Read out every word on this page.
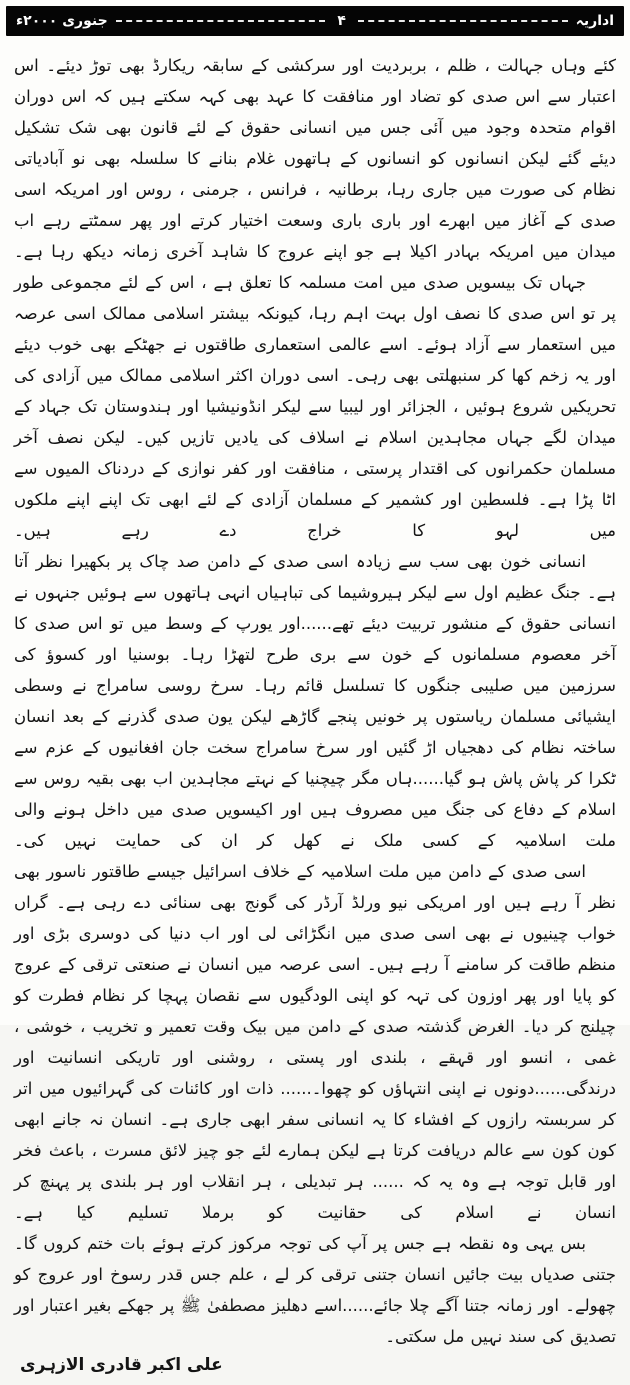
اداریہ
۴
جنوری ۲۰۰۰ء

کئے وہاں جہالت ، ظلم ، بربردیت اور سرکشی کے سابقہ ریکارڈ بھی توڑ دیئے۔ اس اعتبار سے اس صدی کو تضاد اور منافقت کا عہد بھی کہہ سکتے ہیں کہ اس دوران اقوام متحدہ وجود میں آئی جس میں انسانی حقوق کے لئے قانون بھی شک تشکیل دیئے گئے لیکن انسانوں کو انسانوں کے ہاتھوں غلام بنانے کا سلسلہ بھی نو آبادیاتی نظام کی صورت میں جاری رہا، برطانیہ ، فرانس ، جرمنی ، روس اور امریکہ اسی صدی کے آغاز میں ابھرے اور باری باری وسعت اختیار کرتے اور پھر سمٹتے رہے اب میدان میں امریکہ بہادر اکیلا ہے جو اپنے عروج کا شاہد آخری زمانہ دیکھ رہا ہے۔

جہاں تک بیسویں صدی میں امت مسلمہ کا تعلق ہے ، اس کے لئے مجموعی طور پر تو اس صدی کا نصف اول بہت اہم رہا، کیونکہ بیشتر اسلامی ممالک اسی عرصہ میں استعمار سے آزاد ہوئے۔ اسے عالمی استعماری طاقتوں نے جھٹکے بھی خوب دیئے اور یہ زخم کھا کر سنبھلتی بھی رہی۔ اسی دوران اکثر اسلامی ممالک میں آزادی کی تحریکیں شروع ہوئیں ، الجزائر اور لیبیا سے لیکر انڈونیشیا اور ہندوستان تک جہاد کے میدان لگے جہاں مجاہدین اسلام نے اسلاف کی یادیں تازیں کیں۔ لیکن نصف آخر مسلمان حکمرانوں کی اقتدار پرستی ، منافقت اور کفر نوازی کے دردناک المیوں سے اٹا پڑا ہے۔ فلسطین اور کشمیر کے مسلمان آزادی کے لئے ابھی تک اپنے اپنے ملکوں میں لہو کا خراج دے رہے ہیں۔

انسانی خون بھی سب سے زیادہ اسی صدی کے دامن صد چاک پر بکھیرا نظر آتا ہے۔ جنگ عظیم اول سے لیکر ہیروشیما کی تباہیاں انہی ہاتھوں سے ہوئیں جنہوں نے انسانی حقوق کے منشور تربیت دیئے تھے......اور یورپ کے وسط میں تو اس صدی کا آخر معصوم مسلمانوں کے خون سے بری طرح لتھڑا رہا۔ بوسنیا اور کسوؤ کی سرزمین میں صلیبی جنگوں کا تسلسل قائم رہا۔ سرخ روسی سامراج نے وسطی ایشیائی مسلمان ریاستوں پر خونیں پنجے گاڑھے لیکن یون صدی گذرنے کے بعد انسان ساختہ نظام کی دھجیاں اڑ گئیں اور سرخ سامراج سخت جان افغانیوں کے عزم سے ٹکرا کر پاش پاش ہو گیا......ہاں مگر چیچنیا کے نہتے مجاہدین اب بھی بقیہ روس سے اسلام کے دفاع کی جنگ میں مصروف ہیں اور اکیسویں صدی میں داخل ہونے والی ملت اسلامیہ کے کسی ملک نے کھل کر ان کی حمایت نہیں کی۔

اسی صدی کے دامن میں ملت اسلامیہ کے خلاف اسرائیل جیسے طاقتور ناسور بھی نظر آ رہے ہیں اور امریکی نیو ورلڈ آرڈر کی گونج بھی سنائی دے رہی ہے۔ گراں خواب چینیوں نے بھی اسی صدی میں انگڑائی لی اور اب دنیا کی دوسری بڑی اور منظم طاقت کر سامنے آ رہے ہیں۔ اسی عرصہ میں انسان نے صنعتی ترقی کے عروج کو پایا اور پھر اوزون کی تہہ کو اپنی الودگیوں سے نقصان پہچا کر نظام فطرت کو چیلنج کر دیا۔ الغرض گذشتہ صدی کے دامن میں بیک وقت تعمیر و تخریب ، خوشی ، غمی ، انسو اور قہقے ، بلندی اور پستی ، روشنی اور تاریکی انسانیت اور درندگی......دونوں نے اپنی انتہاؤں کو چھوا۔...... ذات اور کائنات کی گہرائیوں میں اتر کر سربستہ رازوں کے افشاء کا یہ انسانی سفر ابھی جاری ہے۔ انسان نہ جانے ابھی کون کون سے عالم دریافت کرتا ہے لیکن ہمارے لئے جو چیز لائق مسرت ، باعث فخر اور قابل توجہ ہے وہ یہ کہ ...... ہر تبدیلی ، ہر انقلاب اور ہر بلندی پر پہنچ کر انسان نے اسلام کی حقانیت کو برملا تسلیم کیا ہے۔

بس یہی وہ نقطہ ہے جس پر آپ کی توجہ مرکوز کرتے ہوئے بات ختم کروں گا۔ جتنی صدیاں بیت جائیں انسان جتنی ترقی کر لے ، علم جس قدر رسوخ اور عروج کو چھولے۔ اور زمانہ جتنا آگے چلا جائے......اسے دھلیز مصطفیٰ ﷺ پر جھکے بغیر اعتبار اور تصدیق کی سند نہیں مل سکتی۔

علی اکبر قادری الازہری
